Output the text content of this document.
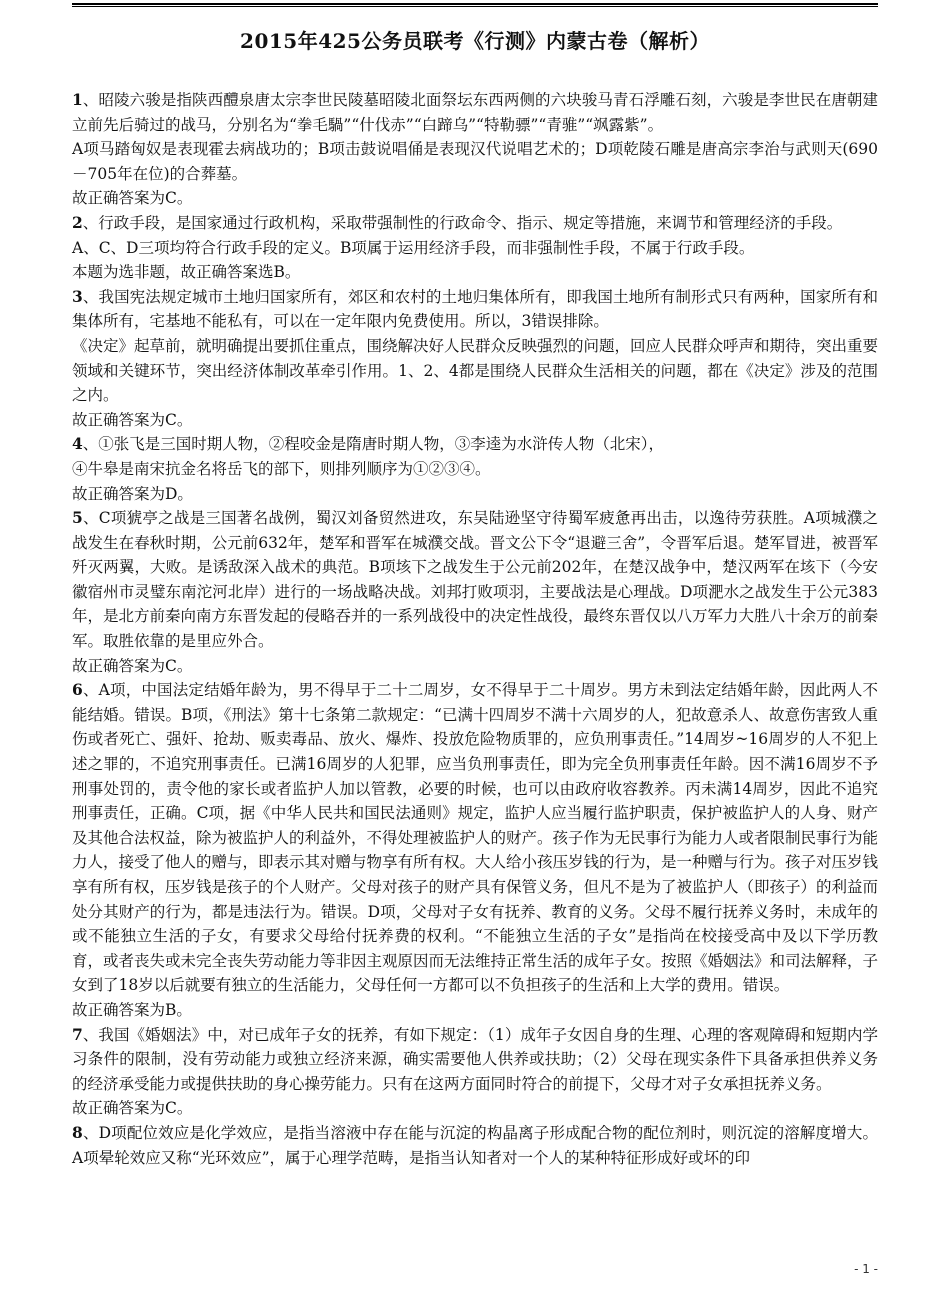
2015年425公务员联考《行测》内蒙古卷（解析）

1、昭陵六骏是指陕西醴泉唐太宗李世民陵墓昭陵北面祭坛东西两侧的六块骏马青石浮雕石刻，六骏是李世民在唐朝建立前先后骑过的战马，分别名为“拳毛騧”“什伐赤”“白蹄乌”“特勒骠”“青骓”“飒露紫”。

A项马踏匈奴是表现霍去病战功的；B项击鼓说唱俑是表现汉代说唱艺术的；D项乾陵石雕是唐高宗李治与武则天(690－705年在位)的合葬墓。

故正确答案为C。

2、行政手段，是国家通过行政机构，采取带强制性的行政命令、指示、规定等措施，来调节和管理经济的手段。

A、C、D三项均符合行政手段的定义。B项属于运用经济手段，而非强制性手段，不属于行政手段。

本题为选非题，故正确答案选B。

3、我国宪法规定城市土地归国家所有，郊区和农村的土地归集体所有，即我国土地所有制形式只有两种，国家所有和集体所有，宅基地不能私有，可以在一定年限内免费使用。所以，3错误排除。

《决定》起草前，就明确提出要抓住重点，围绕解决好人民群众反映强烈的问题，回应人民群众呼声和期待，突出重要领域和关键环节，突出经济体制改革牵引作用。1、2、4都是围绕人民群众生活相关的问题，都在《决定》涉及的范围之内。

故正确答案为C。

4、①张飞是三国时期人物，②程咬金是隋唐时期人物，③李逵为水浒传人物（北宋），

④牛皋是南宋抗金名将岳飞的部下，则排列顺序为①②③④。

故正确答案为D。

5、C项猇亭之战是三国著名战例，蜀汉刘备贸然进攻，东吴陆逊坚守待蜀军疲惫再出击，以逸待劳获胜。A项城濮之战发生在春秋时期，公元前632年，楚军和晋军在城濮交战。晋文公下令“退避三舍”，令晋军后退。楚军冒进，被晋军歼灭两翼，大败。是诱敌深入战术的典范。B项垓下之战发生于公元前202年，在楚汉战争中，楚汉两军在垓下（今安徽宿州市灵璧东南沱河北岸）进行的一场战略决战。刘邦打败项羽，主要战法是心理战。D项淝水之战发生于公元383年，是北方前秦向南方东晋发起的侵略吞并的一系列战役中的决定性战役，最终东晋仅以八万军力大胜八十余万的前秦军。取胜依靠的是里应外合。

故正确答案为C。

6、A项，中国法定结婚年龄为，男不得早于二十二周岁，女不得早于二十周岁。男方未到法定结婚年龄，因此两人不能结婚。错误。B项，《刑法》第十七条第二款规定：“已满十四周岁不满十六周岁的人，犯故意杀人、故意伤害致人重伤或者死亡、强奸、抢劫、贩卖毒品、放火、爆炸、投放危险物质罪的，应负刑事责任。”14周岁~16周岁的人不犯上述之罪的，不追究刑事责任。已满16周岁的人犯罪，应当负刑事责任，即为完全负刑事责任年龄。因不满16周岁不予刑事处罚的，责令他的家长或者监护人加以管教，必要的时候，也可以由政府收容教养。丙未满14周岁，因此不追究刑事责任，正确。C项，据《中华人民共和国民法通则》规定，监护人应当履行监护职责，保护被监护人的人身、财产及其他合法权益，除为被监护人的利益外，不得处理被监护人的财产。孩子作为无民事行为能力人或者限制民事行为能力人，接受了他人的赠与，即表示其对赠与物享有所有权。大人给小孩压岁钱的行为，是一种赠与行为。孩子对压岁钱享有所有权，压岁钱是孩子的个人财产。父母对孩子的财产具有保管义务，但凡不是为了被监护人（即孩子）的利益而处分其财产的行为，都是违法行为。错误。D项，父母对子女有抚养、教育的义务。父母不履行抚养义务时，未成年的或不能独立生活的子女，有要求父母给付抚养费的权利。“不能独立生活的子女”是指尚在校接受高中及以下学历教育，或者丧失或未完全丧失劳动能力等非因主观原因而无法维持正常生活的成年子女。按照《婚姻法》和司法解释，子女到了18岁以后就要有独立的生活能力，父母任何一方都可以不负担孩子的生活和上大学的费用。错误。

故正确答案为B。

7、我国《婚姻法》中，对已成年子女的抚养，有如下规定：（1）成年子女因自身的生理、心理的客观障碍和短期内学习条件的限制，没有劳动能力或独立经济来源，确实需要他人供养或扶助；（2）父母在现实条件下具备承担供养义务的经济承受能力或提供扶助的身心操劳能力。只有在这两方面同时符合的前提下，父母才对子女承担抚养义务。

故正确答案为C。

8、D项配位效应是化学效应，是指当溶液中存在能与沉淀的构晶离子形成配合物的配位剂时，则沉淀的溶解度增大。A项晕轮效应又称“光环效应”，属于心理学范畴，是指当认知者对一个人的某种特征形成好或坏的印

- 1 -
